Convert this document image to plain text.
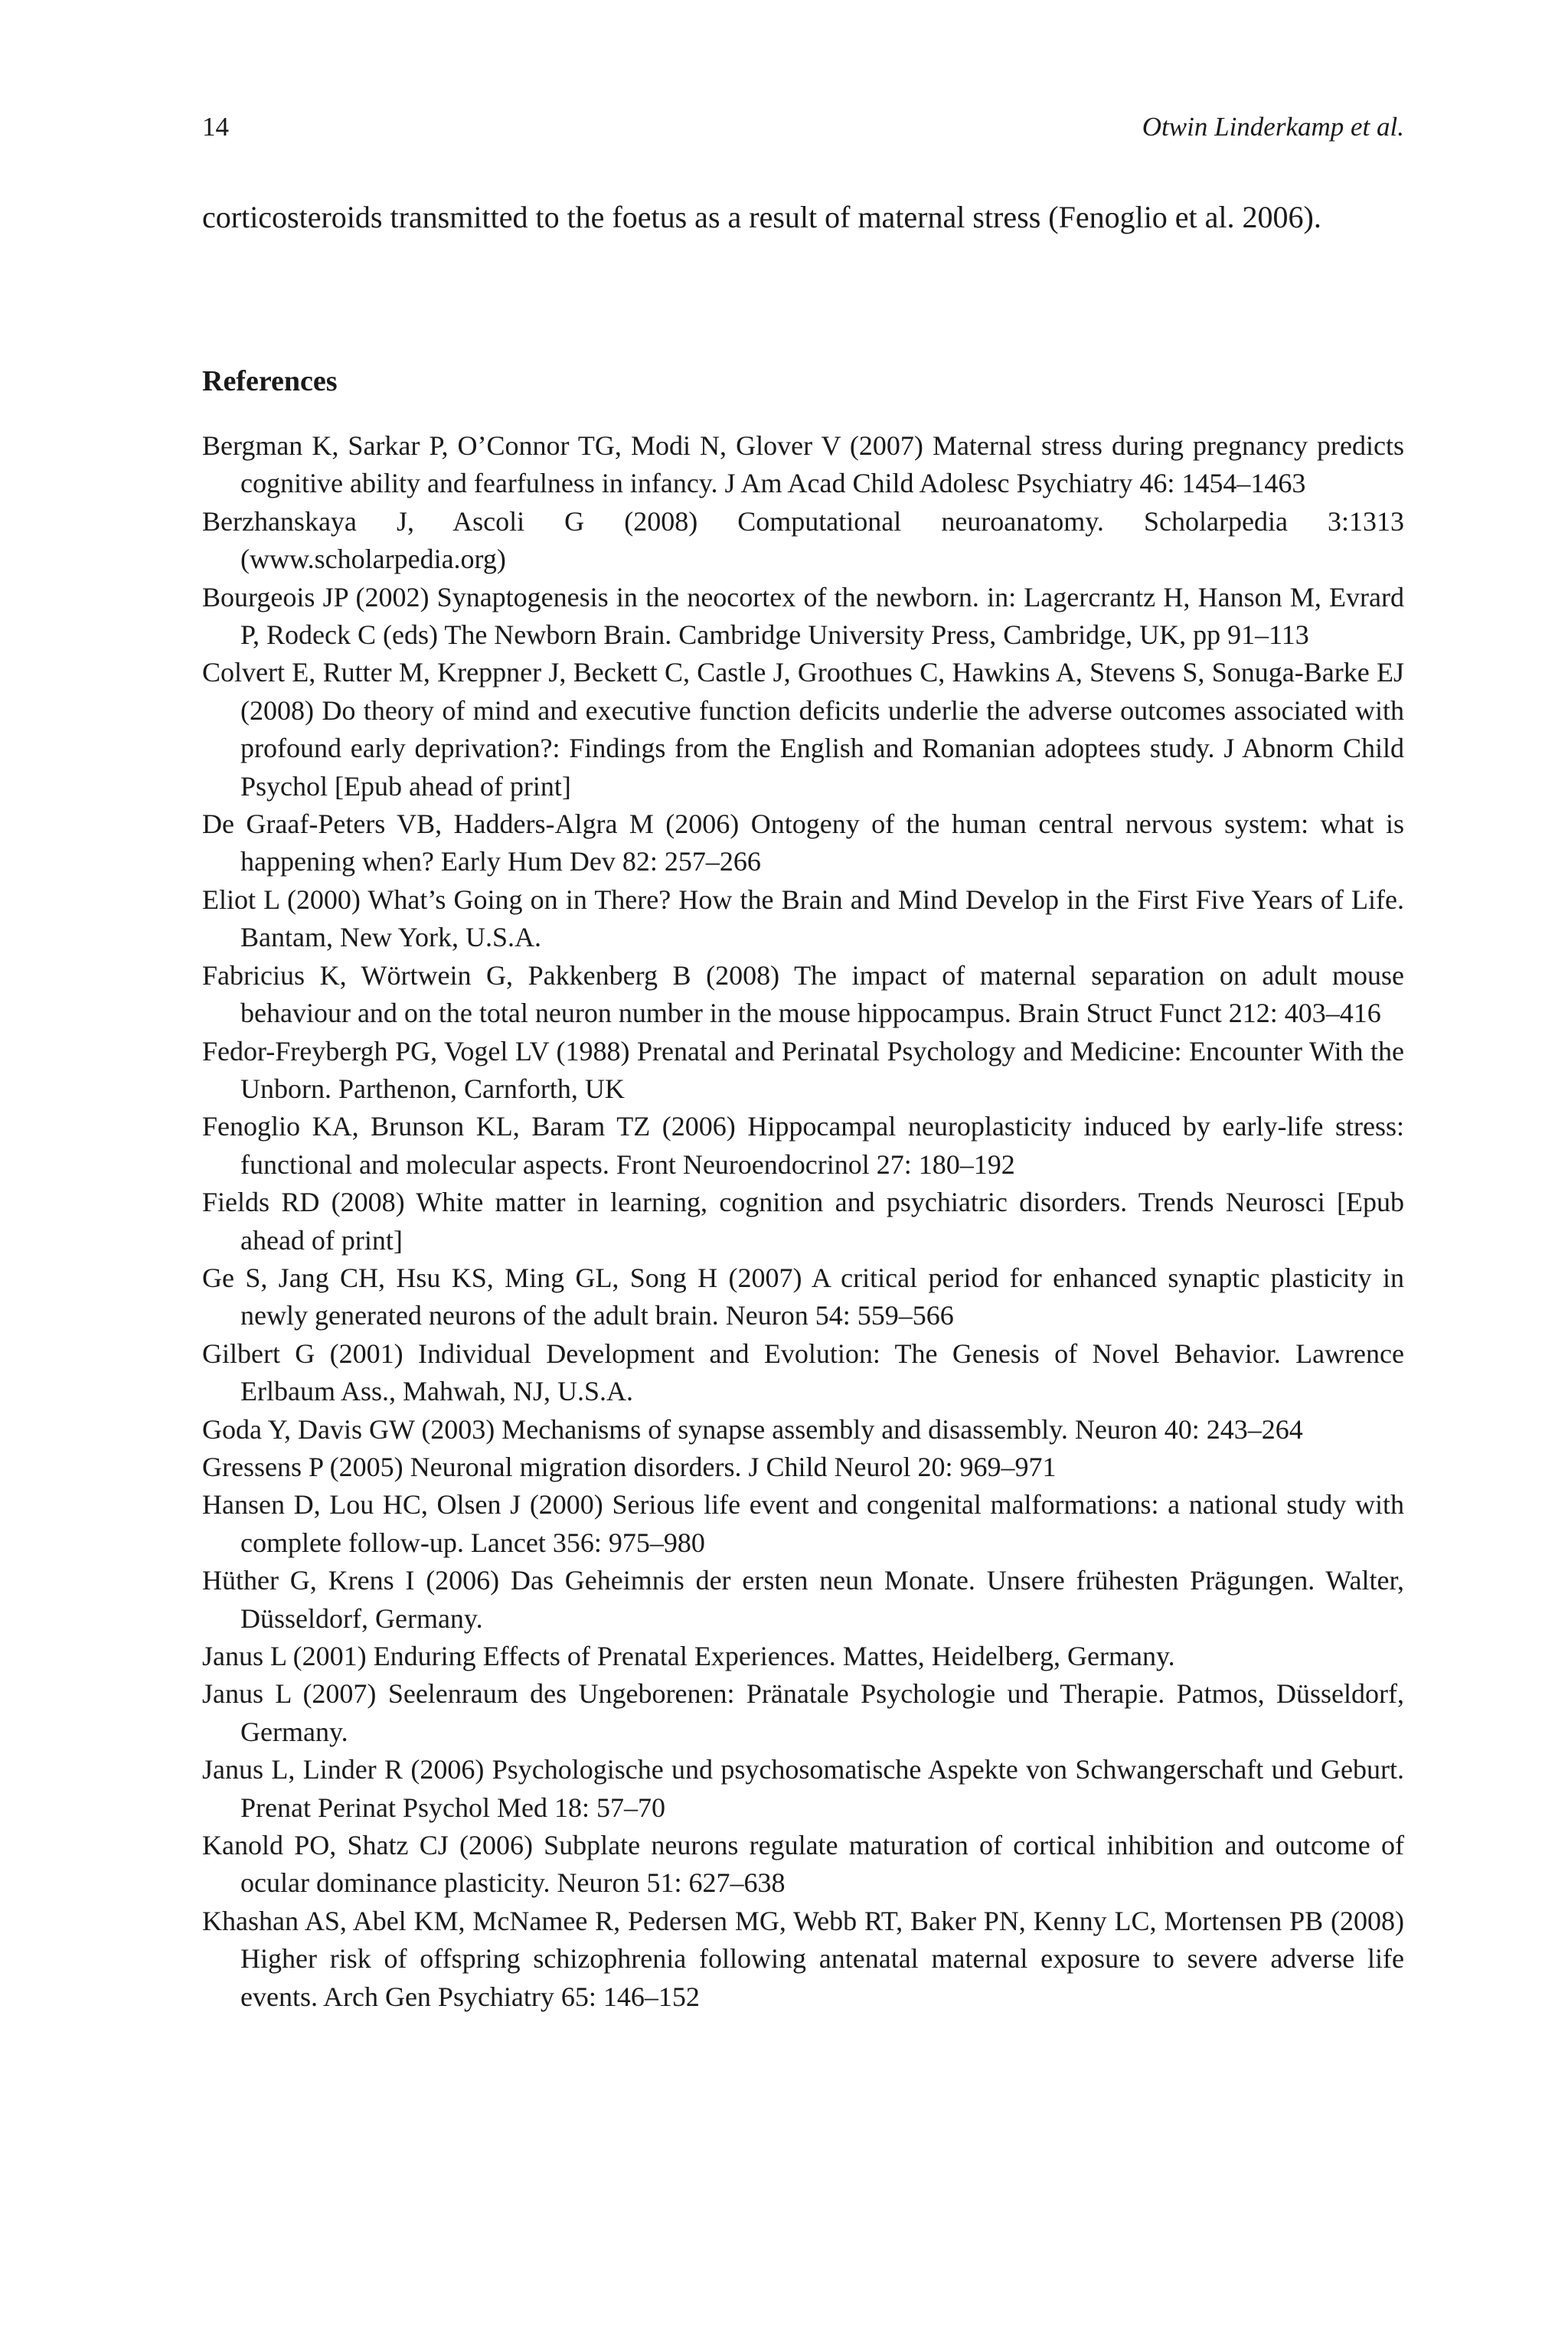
14	Otwin Linderkamp et al.

corticosteroids transmitted to the foetus as a result of maternal stress (Fenoglio et al. 2006).

References
Bergman K, Sarkar P, O’Connor TG, Modi N, Glover V (2007) Maternal stress during pregnancy predicts cognitive ability and fearfulness in infancy. J Am Acad Child Adolesc Psychiatry 46: 1454–1463
Berzhanskaya J, Ascoli G (2008) Computational neuroanatomy. Scholarpedia 3:1313 (www.scholarpedia.org)
Bourgeois JP (2002) Synaptogenesis in the neocortex of the newborn. in: Lagercrantz H, Hanson M, Evrard P, Rodeck C (eds) The Newborn Brain. Cambridge University Press, Cambridge, UK, pp 91–113
Colvert E, Rutter M, Kreppner J, Beckett C, Castle J, Groothues C, Hawkins A, Stevens S, Sonuga-Barke EJ (2008) Do theory of mind and executive function deficits underlie the adverse outcomes associated with profound early deprivation?: Findings from the English and Romanian adoptees study. J Abnorm Child Psychol [Epub ahead of print]
De Graaf-Peters VB, Hadders-Algra M (2006) Ontogeny of the human central nervous system: what is happening when? Early Hum Dev 82: 257–266
Eliot L (2000) What’s Going on in There? How the Brain and Mind Develop in the First Five Years of Life. Bantam, New York, U.S.A.
Fabricius K, Wörtwein G, Pakkenberg B (2008) The impact of maternal separation on adult mouse behaviour and on the total neuron number in the mouse hippocampus. Brain Struct Funct 212: 403–416
Fedor-Freybergh PG, Vogel LV (1988) Prenatal and Perinatal Psychology and Medicine: Encounter With the Unborn. Parthenon, Carnforth, UK
Fenoglio KA, Brunson KL, Baram TZ (2006) Hippocampal neuroplasticity induced by early-life stress: functional and molecular aspects. Front Neuroendocrinol 27: 180–192
Fields RD (2008) White matter in learning, cognition and psychiatric disorders. Trends Neurosci [Epub ahead of print]
Ge S, Jang CH, Hsu KS, Ming GL, Song H (2007) A critical period for enhanced synaptic plasticity in newly generated neurons of the adult brain. Neuron 54: 559–566
Gilbert G (2001) Individual Development and Evolution: The Genesis of Novel Behavior. Lawrence Erlbaum Ass., Mahwah, NJ, U.S.A.
Goda Y, Davis GW (2003) Mechanisms of synapse assembly and disassembly. Neuron 40: 243–264
Gressens P (2005) Neuronal migration disorders. J Child Neurol 20: 969–971
Hansen D, Lou HC, Olsen J (2000) Serious life event and congenital malformations: a national study with complete follow-up. Lancet 356: 975–980
Hüther G, Krens I (2006) Das Geheimnis der ersten neun Monate. Unsere frühesten Prägungen. Walter, Düsseldorf, Germany.
Janus L (2001) Enduring Effects of Prenatal Experiences. Mattes, Heidelberg, Germany.
Janus L (2007) Seelenraum des Ungeborenen: Pränatale Psychologie und Therapie. Patmos, Düsseldorf, Germany.
Janus L, Linder R (2006) Psychologische und psychosomatische Aspekte von Schwangerschaft und Geburt. Prenat Perinat Psychol Med 18: 57–70
Kanold PO, Shatz CJ (2006) Subplate neurons regulate maturation of cortical inhibition and outcome of ocular dominance plasticity. Neuron 51: 627–638
Khashan AS, Abel KM, McNamee R, Pedersen MG, Webb RT, Baker PN, Kenny LC, Mortensen PB (2008) Higher risk of offspring schizophrenia following antenatal maternal exposure to severe adverse life events. Arch Gen Psychiatry 65: 146–152
